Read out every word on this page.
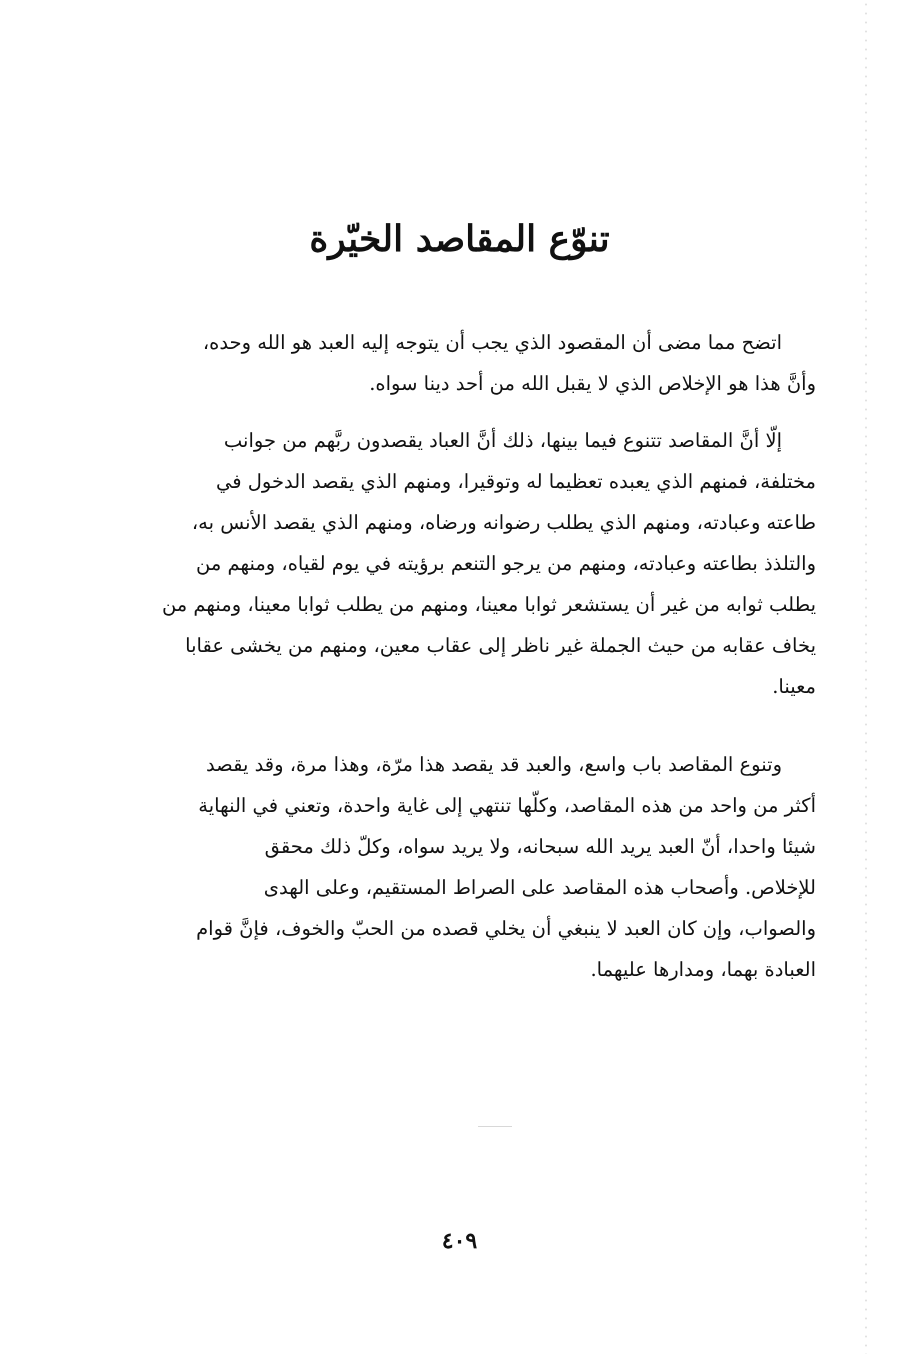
تنوّع المقاصد الخيّرة
اتضح مما مضى أن المقصود الذي يجب أن يتوجه إليه العبد هو الله وحده،
وأنَّ هذا هو الإخلاص الذي لا يقبل الله من أحد دينا سواه.
إلّا أنَّ المقاصد تتنوع فيما بينها، ذلك أنَّ العباد يقصدون ربَّهم من جوانب
مختلفة، فمنهم الذي يعبده تعظيما له وتوقيرا، ومنهم الذي يقصد الدخول في
طاعته وعبادته، ومنهم الذي يطلب رضوانه ورضاه، ومنهم الذي يقصد الأنس به،
والتلذذ بطاعته وعبادته، ومنهم من يرجو التنعم برؤيته في يوم لقياه، ومنهم من
يطلب ثوابه من غير أن يستشعر ثوابا معينا، ومنهم من يطلب ثوابا معينا، ومنهم من
يخاف عقابه من حيث الجملة غير ناظر إلى عقاب معين، ومنهم من يخشى عقابا
معينا.
وتنوع المقاصد باب واسع، والعبد قد يقصد هذا مرّة، وهذا مرة، وقد يقصد
أكثر من واحد من هذه المقاصد، وكلّها تنتهي إلى غاية واحدة، وتعني في النهاية
شيئا واحدا، أنّ العبد يريد الله سبحانه، ولا يريد سواه، وكلّ ذلك محقق
للإخلاص. وأصحاب هذه المقاصد على الصراط المستقيم، وعلى الهدى
والصواب، وإن كان العبد لا ينبغي أن يخلي قصده من الحبّ والخوف، فإنَّ قوام
العبادة بهما، ومدارها عليهما.

٤٠٩
